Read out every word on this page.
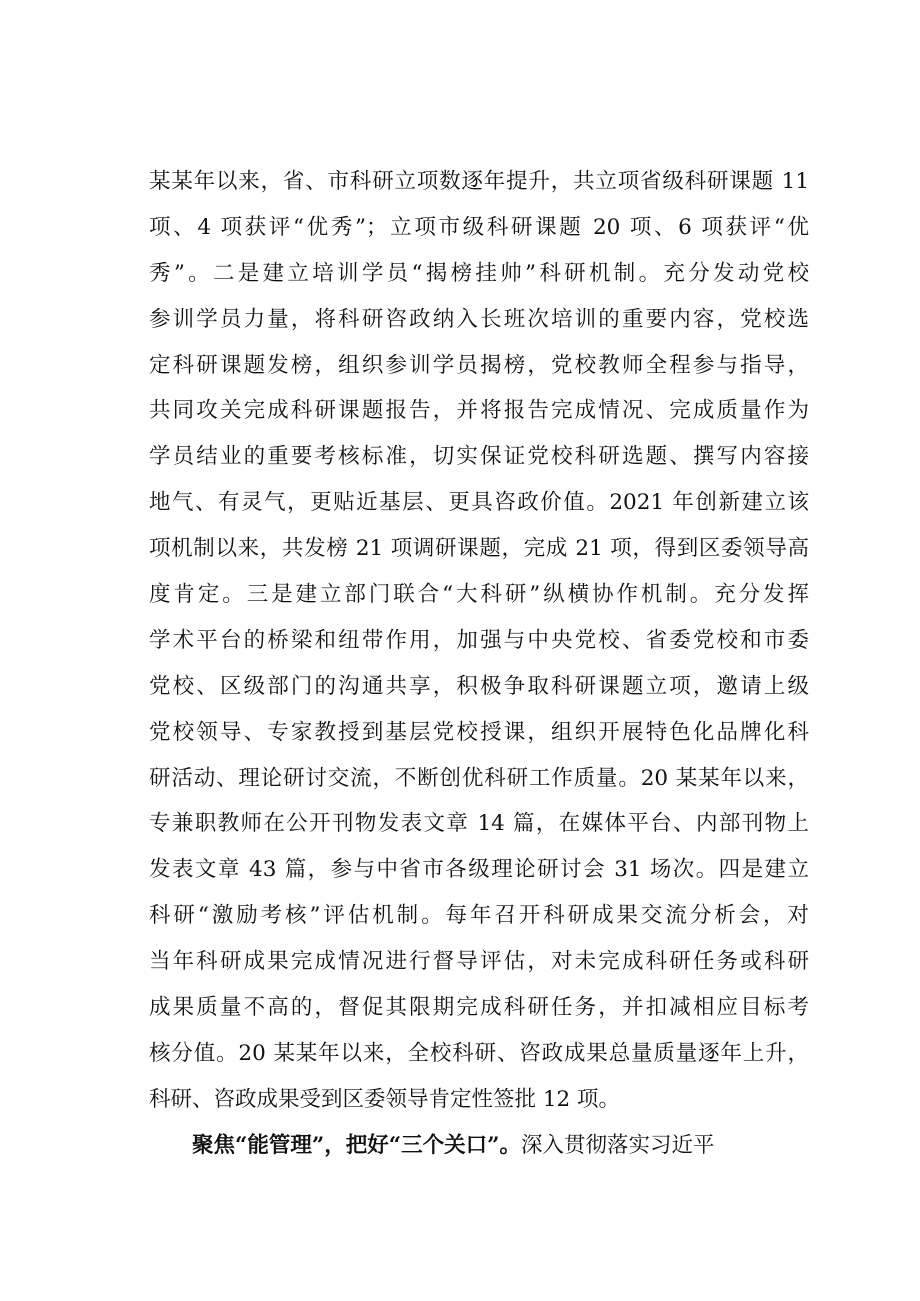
某某年以来，省、市科研立项数逐年提升，共立项省级科研课题 11
项、4 项获评“优秀”；立项市级科研课题 20 项、6 项获评“优
秀”。二是建立培训学员“揭榜挂帅”科研机制。充分发动党校
参训学员力量，将科研咨政纳入长班次培训的重要内容，党校选
定科研课题发榜，组织参训学员揭榜，党校教师全程参与指导，
共同攻关完成科研课题报告，并将报告完成情况、完成质量作为
学员结业的重要考核标准，切实保证党校科研选题、撰写内容接
地气、有灵气，更贴近基层、更具咨政价值。2021 年创新建立该
项机制以来，共发榜 21 项调研课题，完成 21 项，得到区委领导高
度肯定。三是建立部门联合“大科研”纵横协作机制。充分发挥
学术平台的桥梁和纽带作用，加强与中央党校、省委党校和市委
党校、区级部门的沟通共享，积极争取科研课题立项，邀请上级
党校领导、专家教授到基层党校授课，组织开展特色化品牌化科
研活动、理论研讨交流，不断创优科研工作质量。20 某某年以来，
专兼职教师在公开刊物发表文章 14 篇，在媒体平台、内部刊物上
发表文章 43 篇，参与中省市各级理论研讨会 31 场次。四是建立
科研“激励考核”评估机制。每年召开科研成果交流分析会，对
当年科研成果完成情况进行督导评估，对未完成科研任务或科研
成果质量不高的，督促其限期完成科研任务，并扣减相应目标考
核分值。20 某某年以来，全校科研、咨政成果总量质量逐年上升，
科研、咨政成果受到区委领导肯定性签批 12 项。
聚焦“能管理”，把好“三个关口”。深入贯彻落实习近平
